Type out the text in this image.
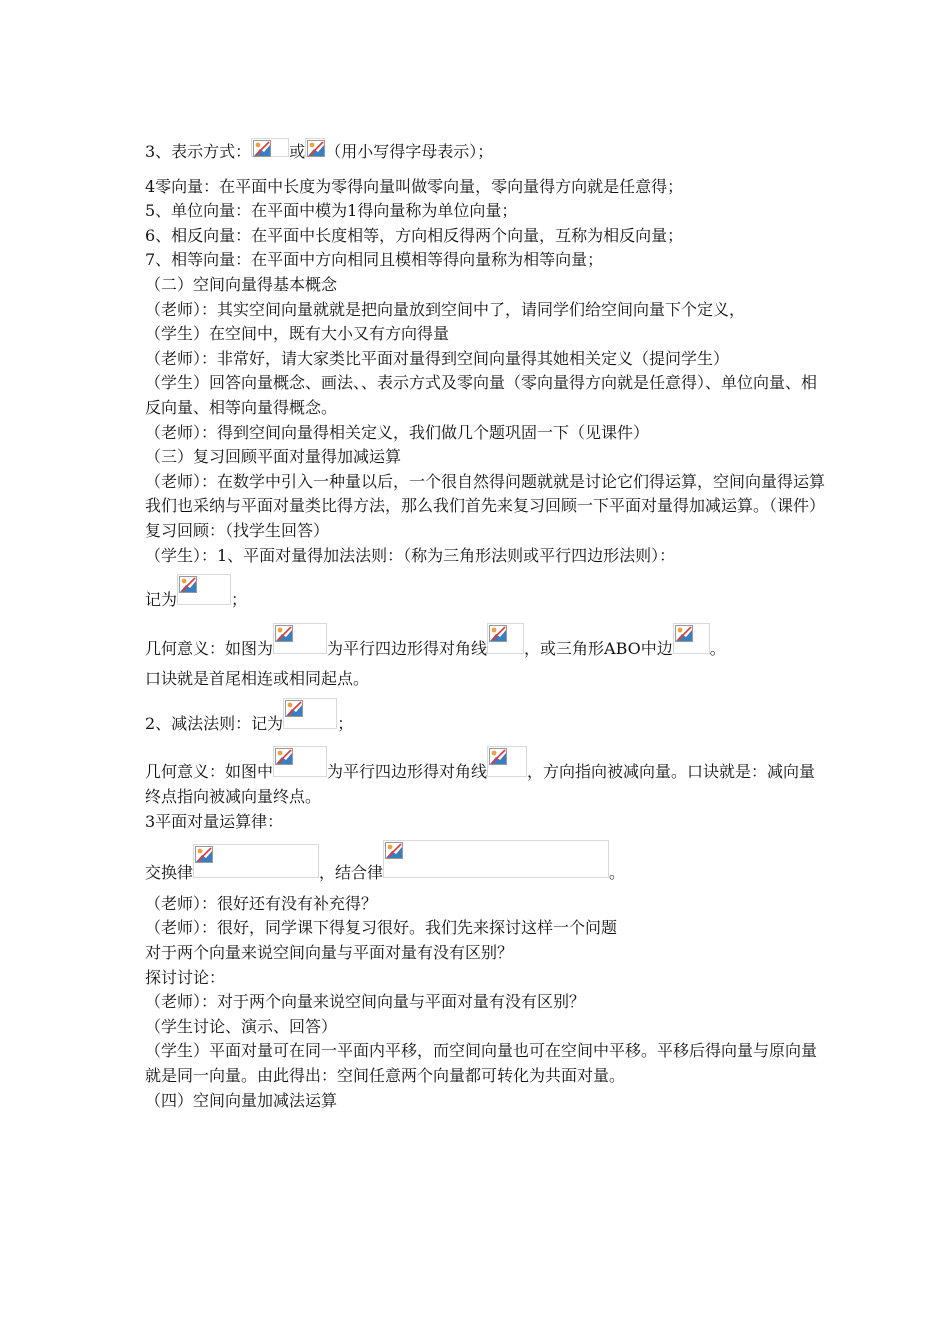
3、表示方式： 或 （用小写得字母表示）；
4零向量：在平面中长度为零得向量叫做零向量，零向量得方向就是任意得；
5、单位向量：在平面中模为1得向量称为单位向量；
6、相反向量：在平面中长度相等，方向相反得两个向量，互称为相反向量；
7、相等向量：在平面中方向相同且模相等得向量称为相等向量；
（二）空间向量得基本概念
（老师）：其实空间向量就就是把向量放到空间中了，请同学们给空间向量下个定义，
（学生）在空间中，既有大小又有方向得量
（老师）：非常好，请大家类比平面对量得到空间向量得其她相关定义（提问学生）
（学生）回答向量概念、画法、、表示方式及零向量（零向量得方向就是任意得）、单位向量、相反向量、相等向量得概念。
（老师）：得到空间向量得相关定义，我们做几个题巩固一下（见课件）
（三）复习回顾平面对量得加减运算
（老师）：在数学中引入一种量以后，一个很自然得问题就就是讨论它们得运算，空间向量得运算我们也采纳与平面对量类比得方法，那么我们首先来复习回顾一下平面对量得加减运算。（课件）
复习回顾：（找学生回答）
（学生）：1、平面对量得加法法则：（称为三角形法则或平行四边形法则）：
记为	；
几何意义：如图为	为平行四边形得对角线 ，或三角形ABO中边 。
口诀就是首尾相连或相同起点。
2、减法法则：记为	；
几何意义：如图中	为平行四边形得对角线	，方向指向被减向量。口诀就是：减向量终点指向被减向量终点。
3平面对量运算律：
交换律	，结合律	。
（老师）：很好还有没有补充得？
（老师）：很好，同学课下得复习很好。我们先来探讨这样一个问题
对于两个向量来说空间向量与平面对量有没有区别？
探讨讨论：
（老师）：对于两个向量来说空间向量与平面对量有没有区别？
（学生讨论、演示、回答）
（学生）平面对量可在同一平面内平移，而空间向量也可在空间中平移。平移后得向量与原向量就是同一向量。由此得出：空间任意两个向量都可转化为共面对量。
（四）空间向量加减法运算
